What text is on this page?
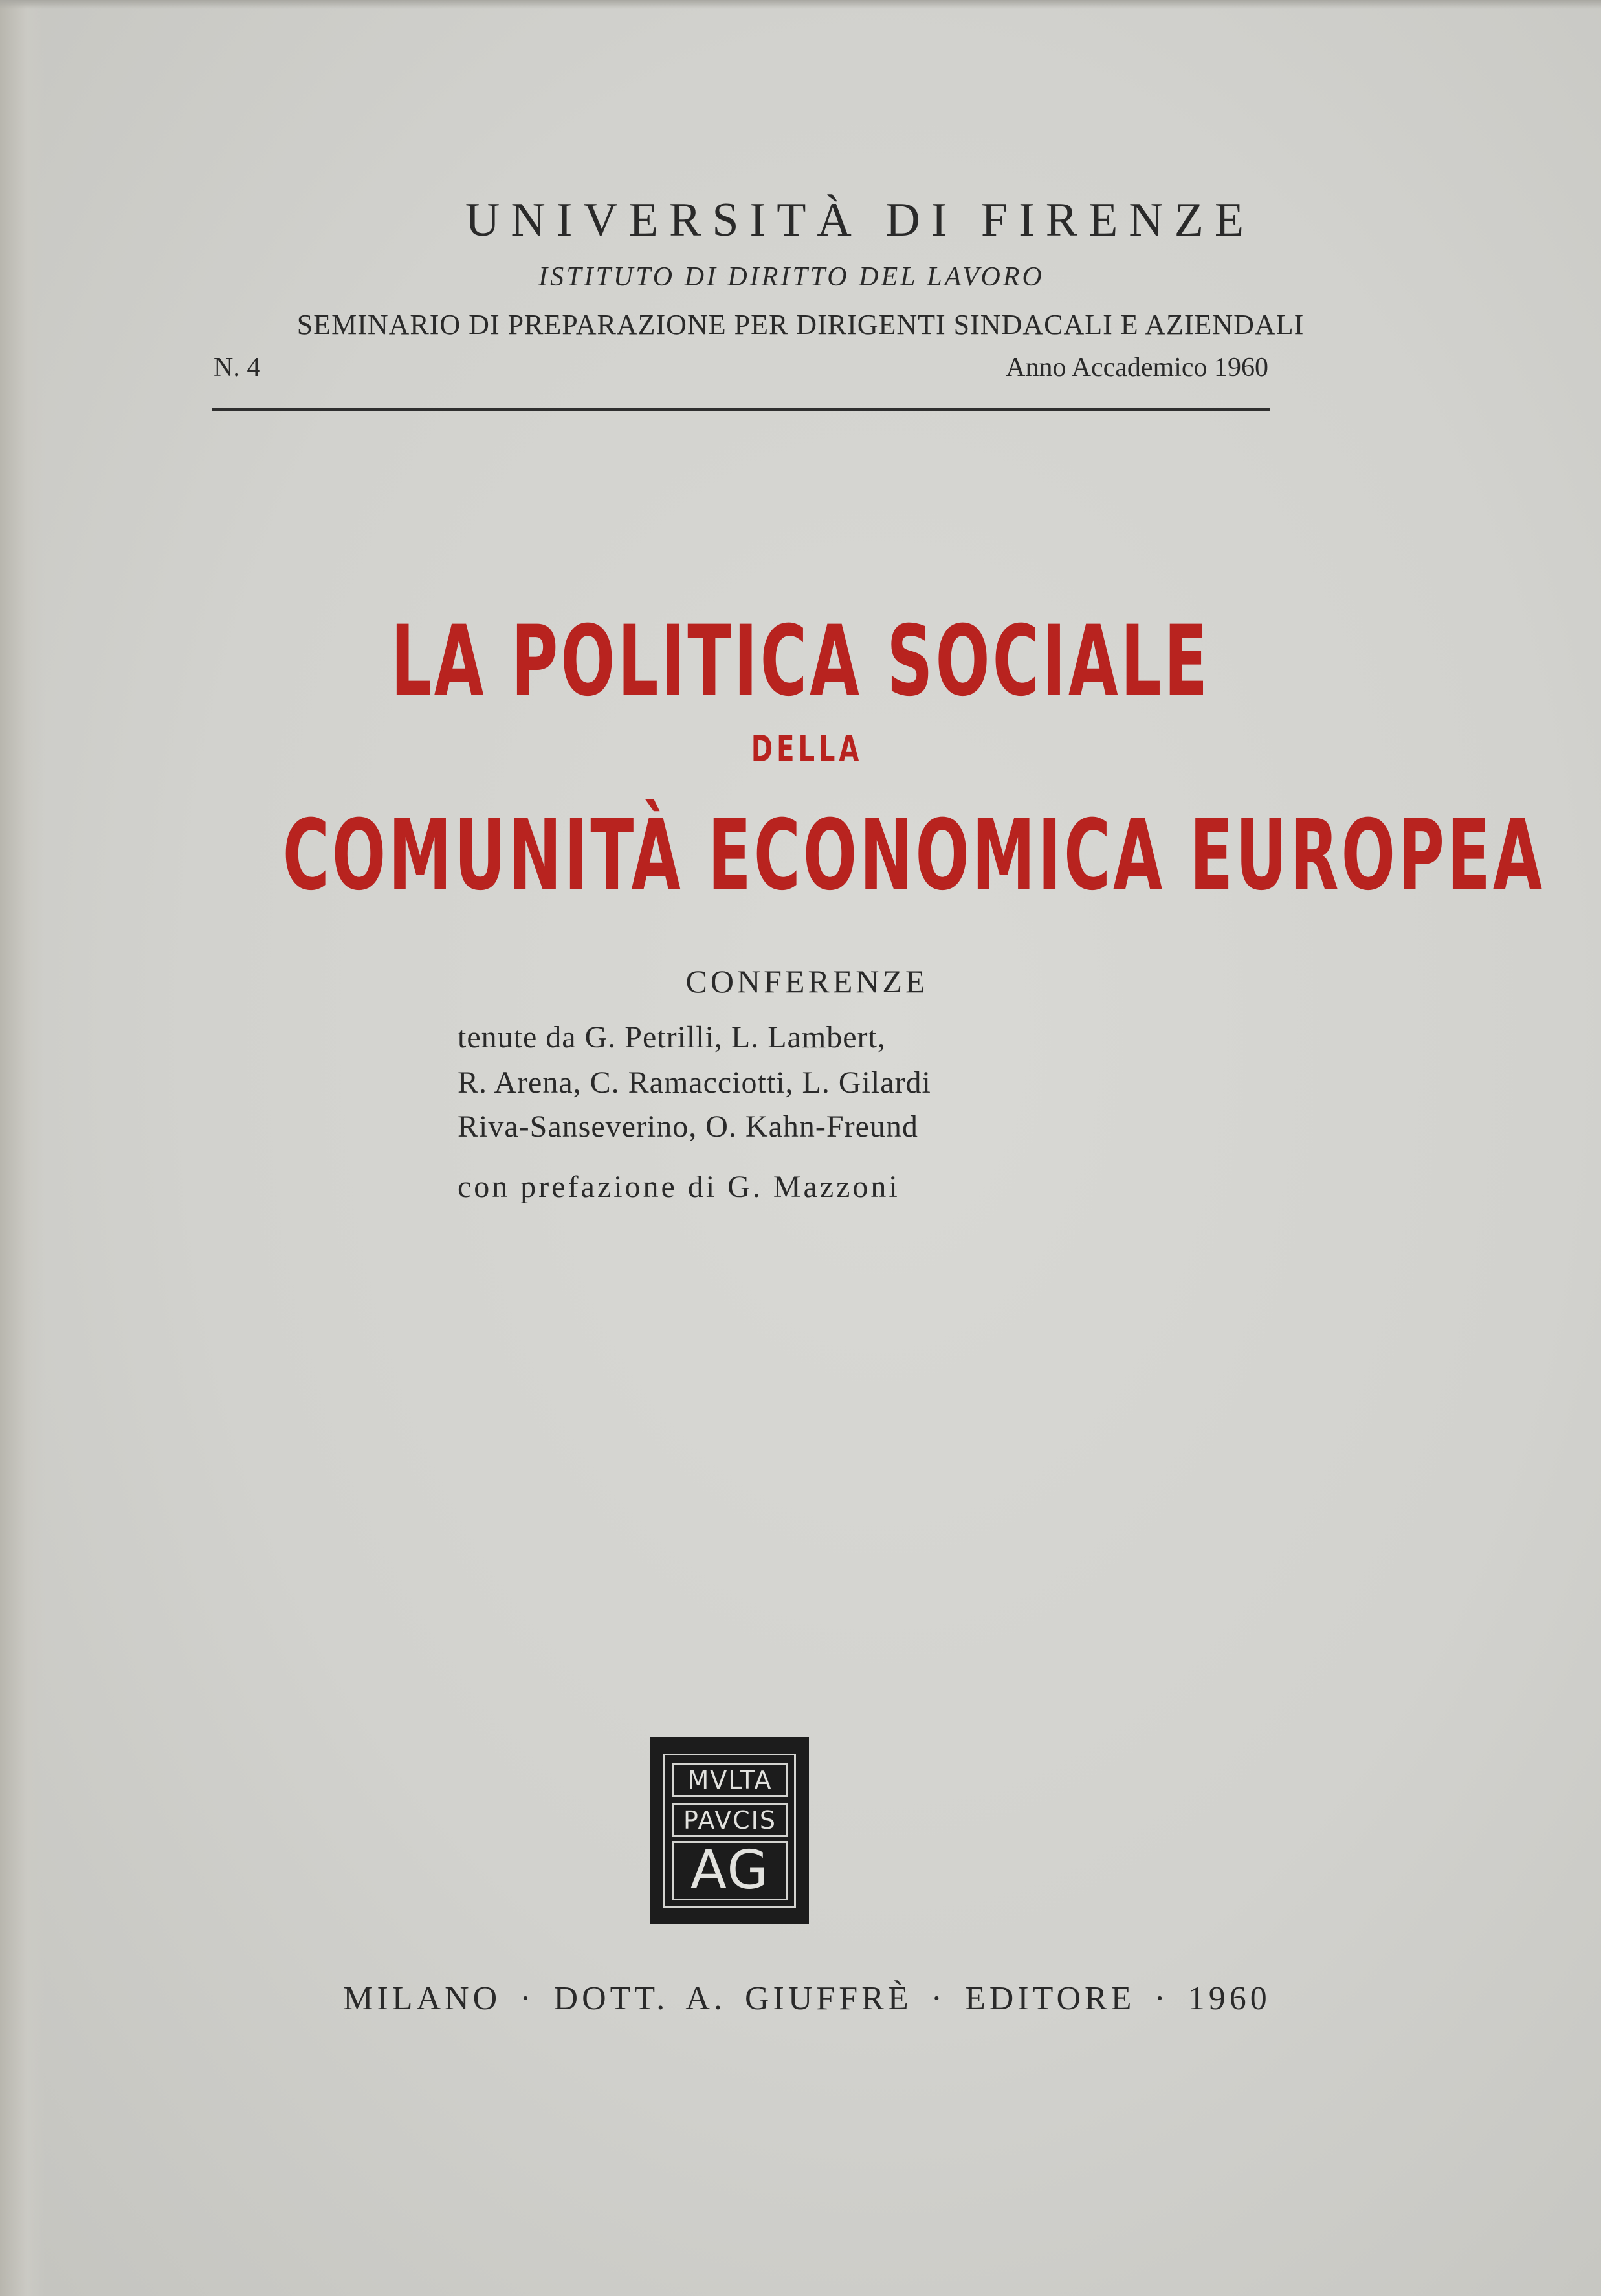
UNIVERSITÀ DI FIRENZE
ISTITUTO DI DIRITTO DEL LAVORO
SEMINARIO DI PREPARAZIONE PER DIRIGENTI SINDACALI E AZIENDALI
N. 4	Anno Accademico 1960
LA POLITICA SOCIALE
DELLA
COMUNITÀ ECONOMICA EUROPEA
CONFERENZE
tenute da G. Petrilli, L. Lambert,
R. Arena, C. Ramacciotti, L. Gilardi
Riva-Sanseverino, O. Kahn-Freund
con prefazione di G. Mazzoni
MVLTA
PAVCIS
AG
MILANO · DOTT. A. GIUFFRÈ · EDITORE · 1960
